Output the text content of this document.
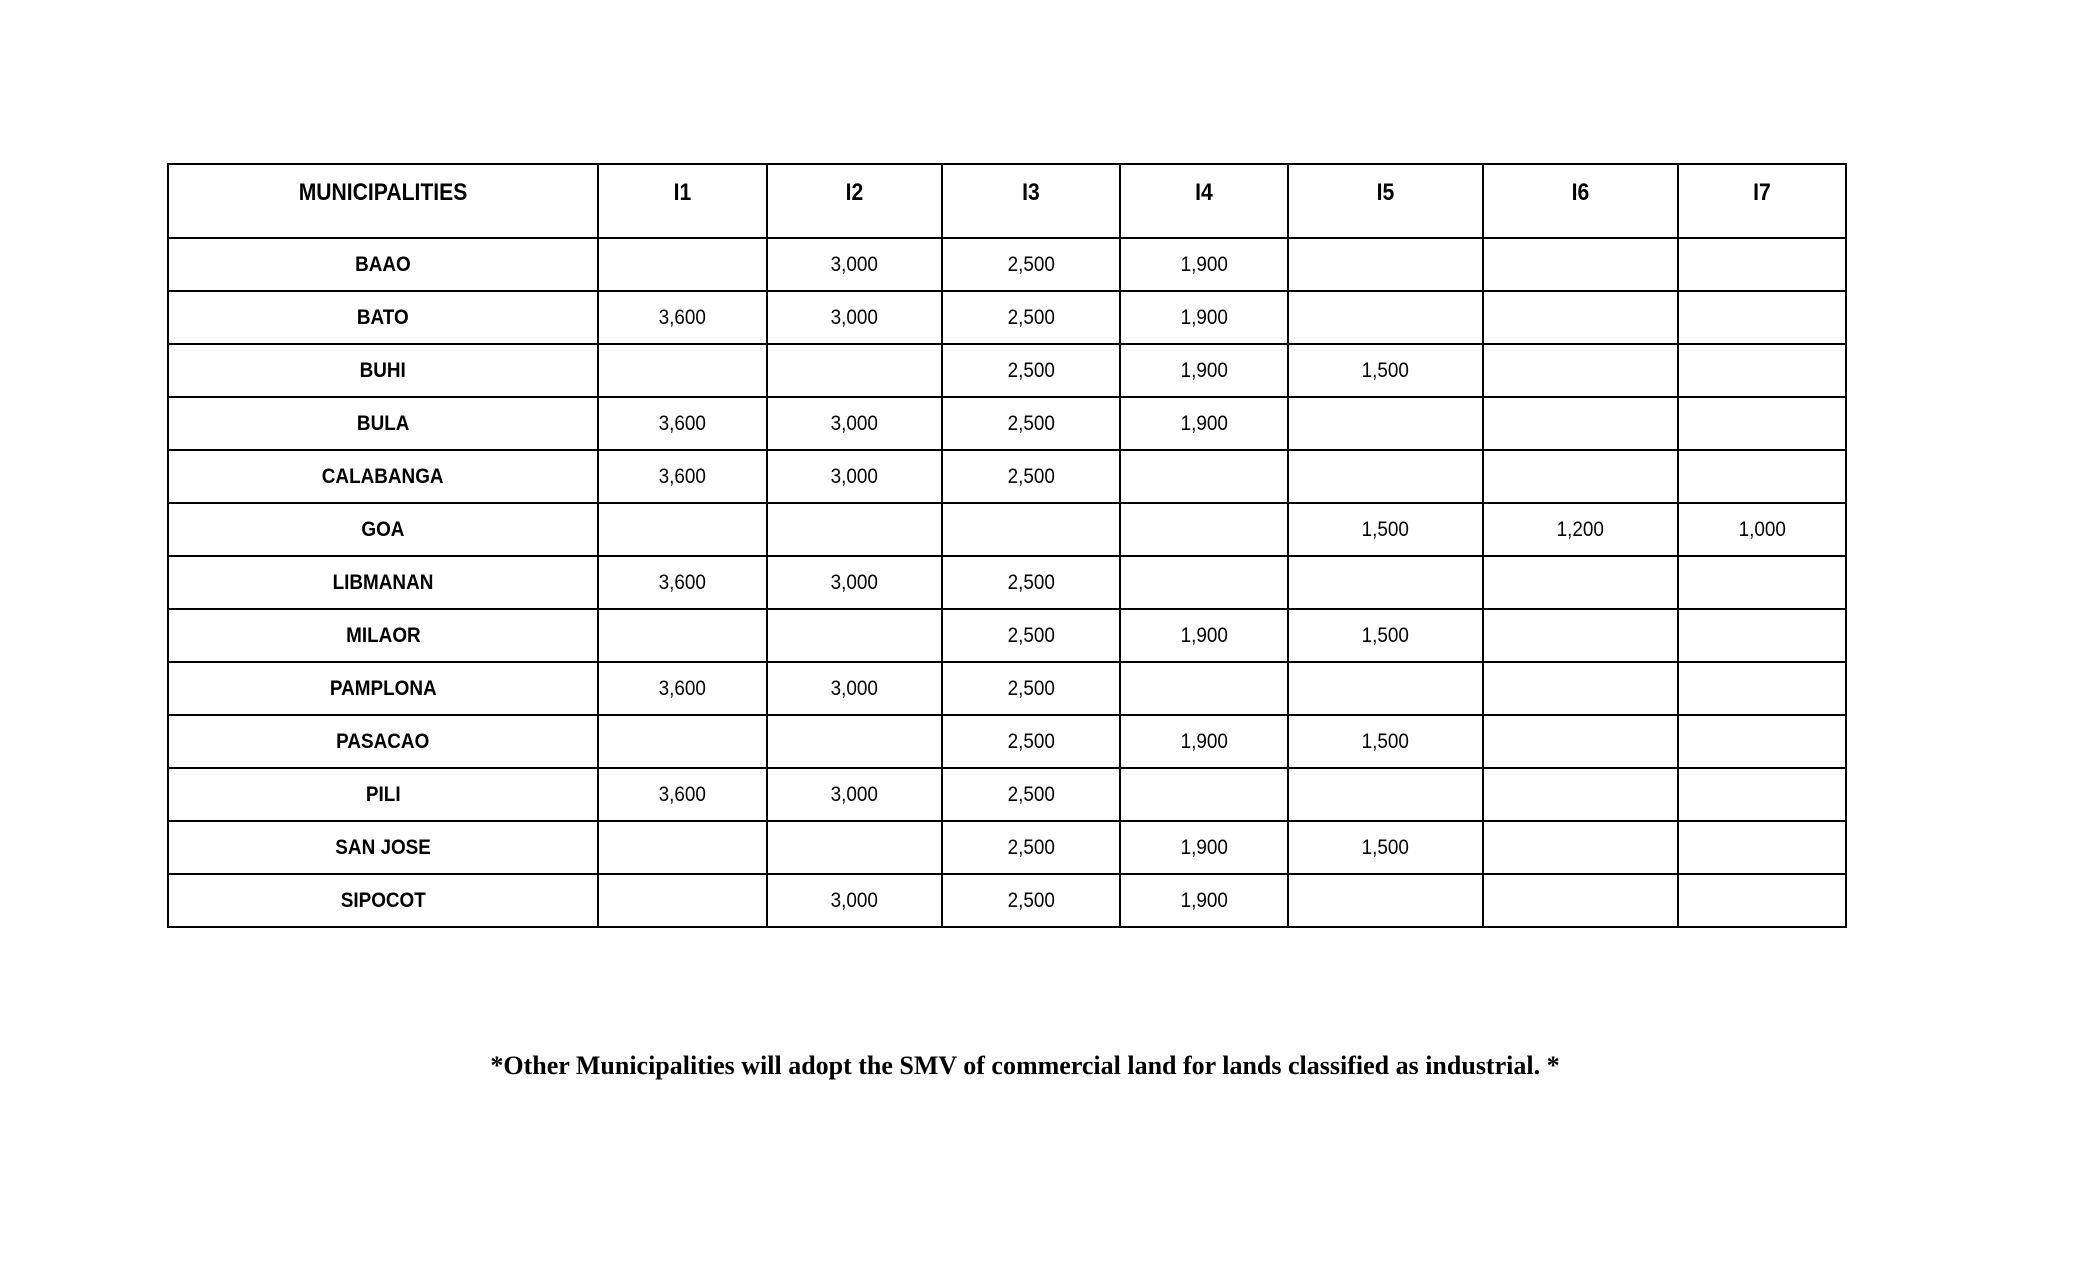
MUNICIPALITIES	I1	I2	I3	I4	I5	I6	I7
BAAO		3,000	2,500	1,900			
BATO	3,600	3,000	2,500	1,900			
BUHI			2,500	1,900	1,500		
BULA	3,600	3,000	2,500	1,900			
CALABANGA	3,600	3,000	2,500				
GOA					1,500	1,200	1,000
LIBMANAN	3,600	3,000	2,500				
MILAOR			2,500	1,900	1,500		
PAMPLONA	3,600	3,000	2,500				
PASACAO			2,500	1,900	1,500		
PILI	3,600	3,000	2,500				
SAN JOSE			2,500	1,900	1,500		
SIPOCOT		3,000	2,500	1,900			
*Other Municipalities will adopt the SMV of commercial land for lands classified as industrial. *
